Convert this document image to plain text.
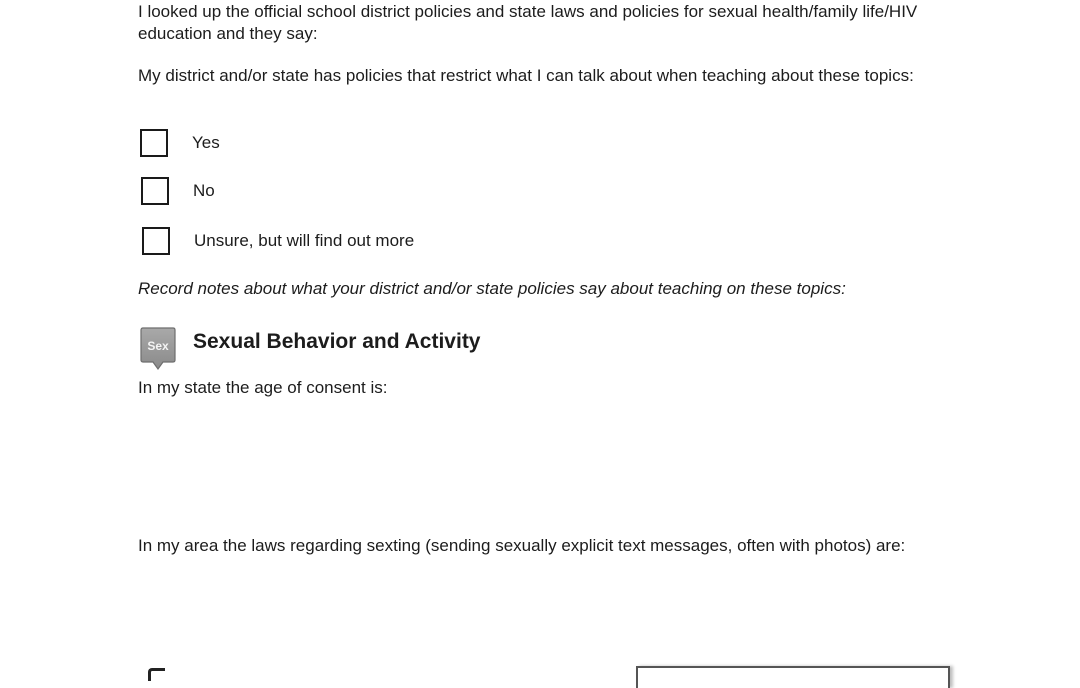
I looked up the official school district policies and state laws and policies for sexual health/family life/HIV education and they say:

My district and/or state has policies that restrict what I can talk about when teaching about these topics:

Yes
No
Unsure, but will find out more

Record notes about what your district and/or state policies say about teaching on these topics:

Sex Sexual Behavior and Activity

In my state the age of consent is:

In my area the laws regarding sexting (sending sexually explicit text messages, often with photos) are:
